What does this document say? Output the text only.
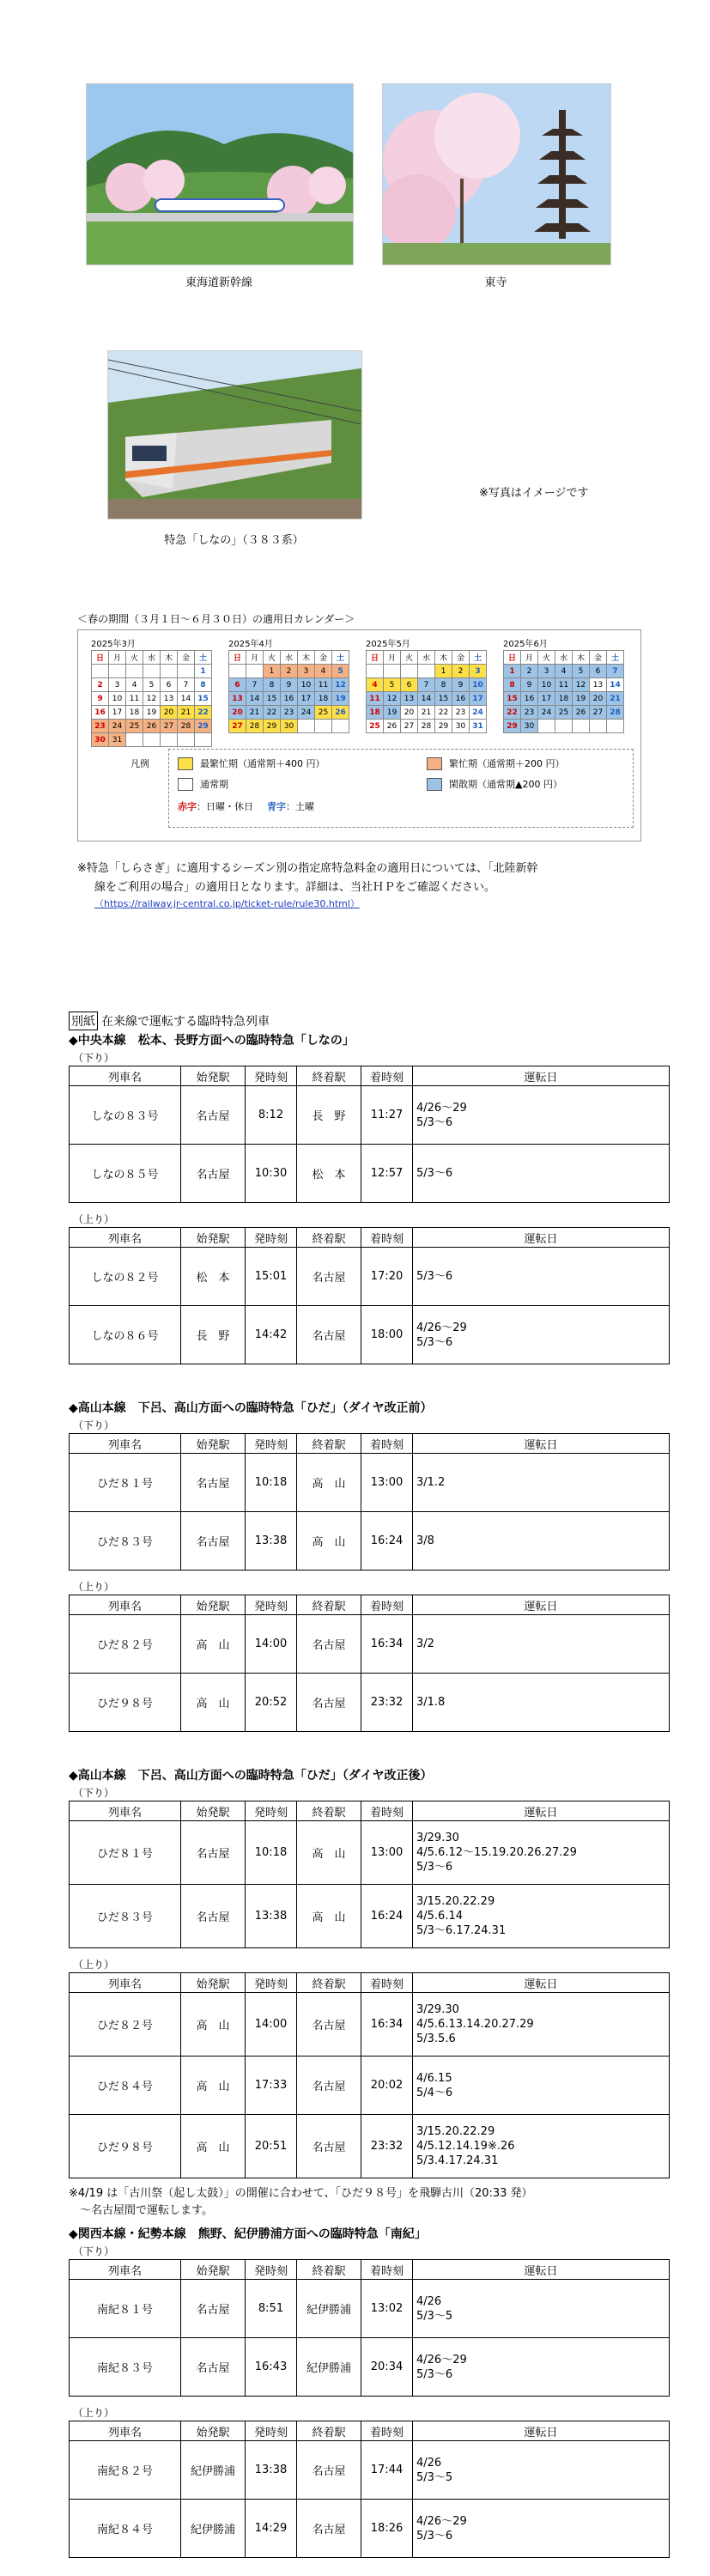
東海道新幹線	東寺
特急「しなの」（３８３系）
※写真はイメージです
＜春の期間（３月１日～６月３０日）の適用日カレンダー＞
2025年3月
日	月	火	水	木	金	土
						1
2	3	4	5	6	7	8
9	10	11	12	13	14	15
16	17	18	19	20	21	22
23	24	25	26	27	28	29
30	31					
2025年4月
日	月	火	水	木	金	土
		1	2	3	4	5
6	7	8	9	10	11	12
13	14	15	16	17	18	19
20	21	22	23	24	25	26
27	28	29	30			
2025年5月
日	月	火	水	木	金	土
				1	2	3
4	5	6	7	8	9	10
11	12	13	14	15	16	17
18	19	20	21	22	23	24
25	26	27	28	29	30	31
2025年6月
日	月	火	水	木	金	土
1	2	3	4	5	6	7
8	9	10	11	12	13	14
15	16	17	18	19	20	21
22	23	24	25	26	27	28
29	30					
凡例	最繁忙期（通常期＋400 円）	繁忙期（通常期＋200 円）
通常期	閑散期（通常期▲200 円）
赤字 ：日曜・休日 青字 ：土曜
※特急「しらさぎ」に適用するシーズン別の指定席特急料金の適用日については、「北陸新幹
線をご利用の場合」の適用日となります。詳細は、当社ＨＰをご確認ください。
（https://railway.jr-central.co.jp/ticket-rule/rule30.html）
別紙 在来線で運転する臨時特急列車
◆中央本線　松本、長野方面への臨時特急「しなの」
（下り）
列車名	始発駅	発時刻	終着駅	着時刻	運転日
しなの８３号	名古屋	8:12	長　野	11:27	4/26～29
5/3～6

しなの８５号	名古屋	10:30	松　本	12:57	5/3～6
（上り）
列車名	始発駅	発時刻	終着駅	着時刻	運転日
しなの８２号	松　本	15:01	名古屋	17:20	5/3～6

しなの８６号	長　野	14:42	名古屋	18:00	4/26～29
5/3～6
◆高山本線　下呂、高山方面への臨時特急「ひだ」（ダイヤ改正前）
（下り）
列車名	始発駅	発時刻	終着駅	着時刻	運転日
ひだ８１号	名古屋	10:18	高　山	13:00	3/1.2

ひだ８３号	名古屋	13:38	高　山	16:24	3/8
（上り）
列車名	始発駅	発時刻	終着駅	着時刻	運転日
ひだ８２号	高　山	14:00	名古屋	16:34	3/2

ひだ９８号	高　山	20:52	名古屋	23:32	3/1.8
◆高山本線　下呂、高山方面への臨時特急「ひだ」（ダイヤ改正後）
（下り）
列車名	始発駅	発時刻	終着駅	着時刻	運転日
ひだ８１号	名古屋	10:18	高　山	13:00	3/29.30
4/5.6.12～15.19.20.26.27.29
5/3～6

ひだ８３号	名古屋	13:38	高　山	16:24	3/15.20.22.29
4/5.6.14
5/3～6.17.24.31
（上り）
列車名	始発駅	発時刻	終着駅	着時刻	運転日
ひだ８２号	高　山	14:00	名古屋	16:34	3/29.30
4/5.6.13.14.20.27.29
5/3.5.6

ひだ８４号	高　山	17:33	名古屋	20:02	4/6.15
5/4～6

ひだ９８号	高　山	20:51	名古屋	23:32	3/15.20.22.29
4/5.12.14.19※.26
5/3.4.17.24.31
※4/19 は「古川祭（起し太鼓）」の開催に合わせて、「ひだ９８号」を飛騨古川（20:33 発）
　～名古屋間で運転します。
◆関西本線・紀勢本線　熊野、紀伊勝浦方面への臨時特急「南紀」
（下り）
列車名	始発駅	発時刻	終着駅	着時刻	運転日
南紀８１号	名古屋	8:51	紀伊勝浦	13:02	4/26
5/3～5

南紀８３号	名古屋	16:43	紀伊勝浦	20:34	4/26～29
5/3～6
（上り）
列車名	始発駅	発時刻	終着駅	着時刻	運転日
南紀８２号	紀伊勝浦	13:38	名古屋	17:44	4/26
5/3～5

南紀８４号	紀伊勝浦	14:29	名古屋	18:26	4/26～29
5/3～6
